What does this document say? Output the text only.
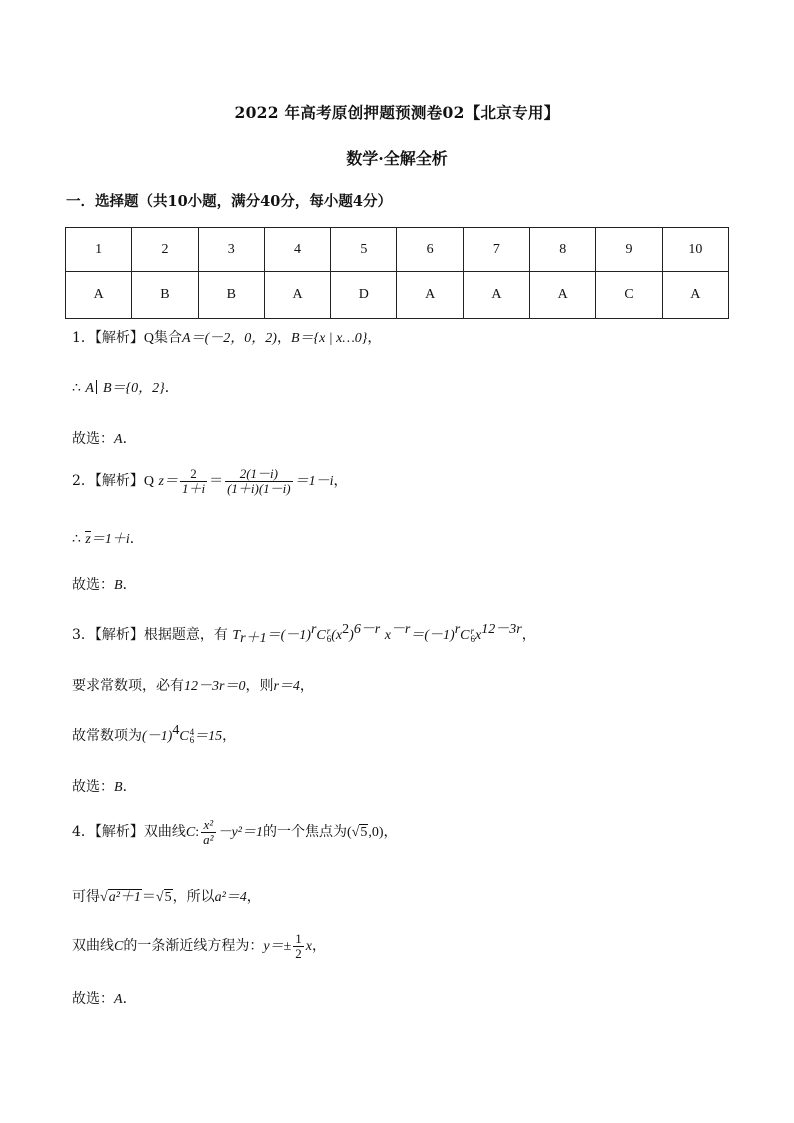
2022 年高考原创押题预测卷02【北京专用】
数学·全解全析
一．选择题（共10小题，满分40分，每小题4分）
1	2	3	4	5	6	7	8	9	10
A	B	B	A	D	A	A	A	C	A
1．【解析】Q集合A＝(－2，0，2)，B＝{x | x…0}，
∴ A B＝{0，2}．
故选：A．
2．【解析】Q $z= \frac{2}{1+i} = \frac{2(1-i)}{(1+i)(1-i)} =1-i$，
∴ z＝1＋i．
故选：B．
3．【解析】根据题意，有 $T_{r+1}=(-1)^rC$ r
6 $(x^2)^{6-r}$ $x^{-r}=(-1)^rC$ r
6 $x^{12-3r}$，
要求常数项，必有12－3r＝0，则r＝4，
故常数项为$(-1)^4C$ 4
6 ＝15，
故选：B．
4．【解析】双曲线C: $\frac{\text{x²}}{\text{a²}} -y^2=1$的一个焦点为(√5,0)，
可得√a²＋1＝√5，所以a²＝4，
双曲线C的一条渐近线方程为：$y=\pm \frac{1}{2}$ x，
故选：A．
